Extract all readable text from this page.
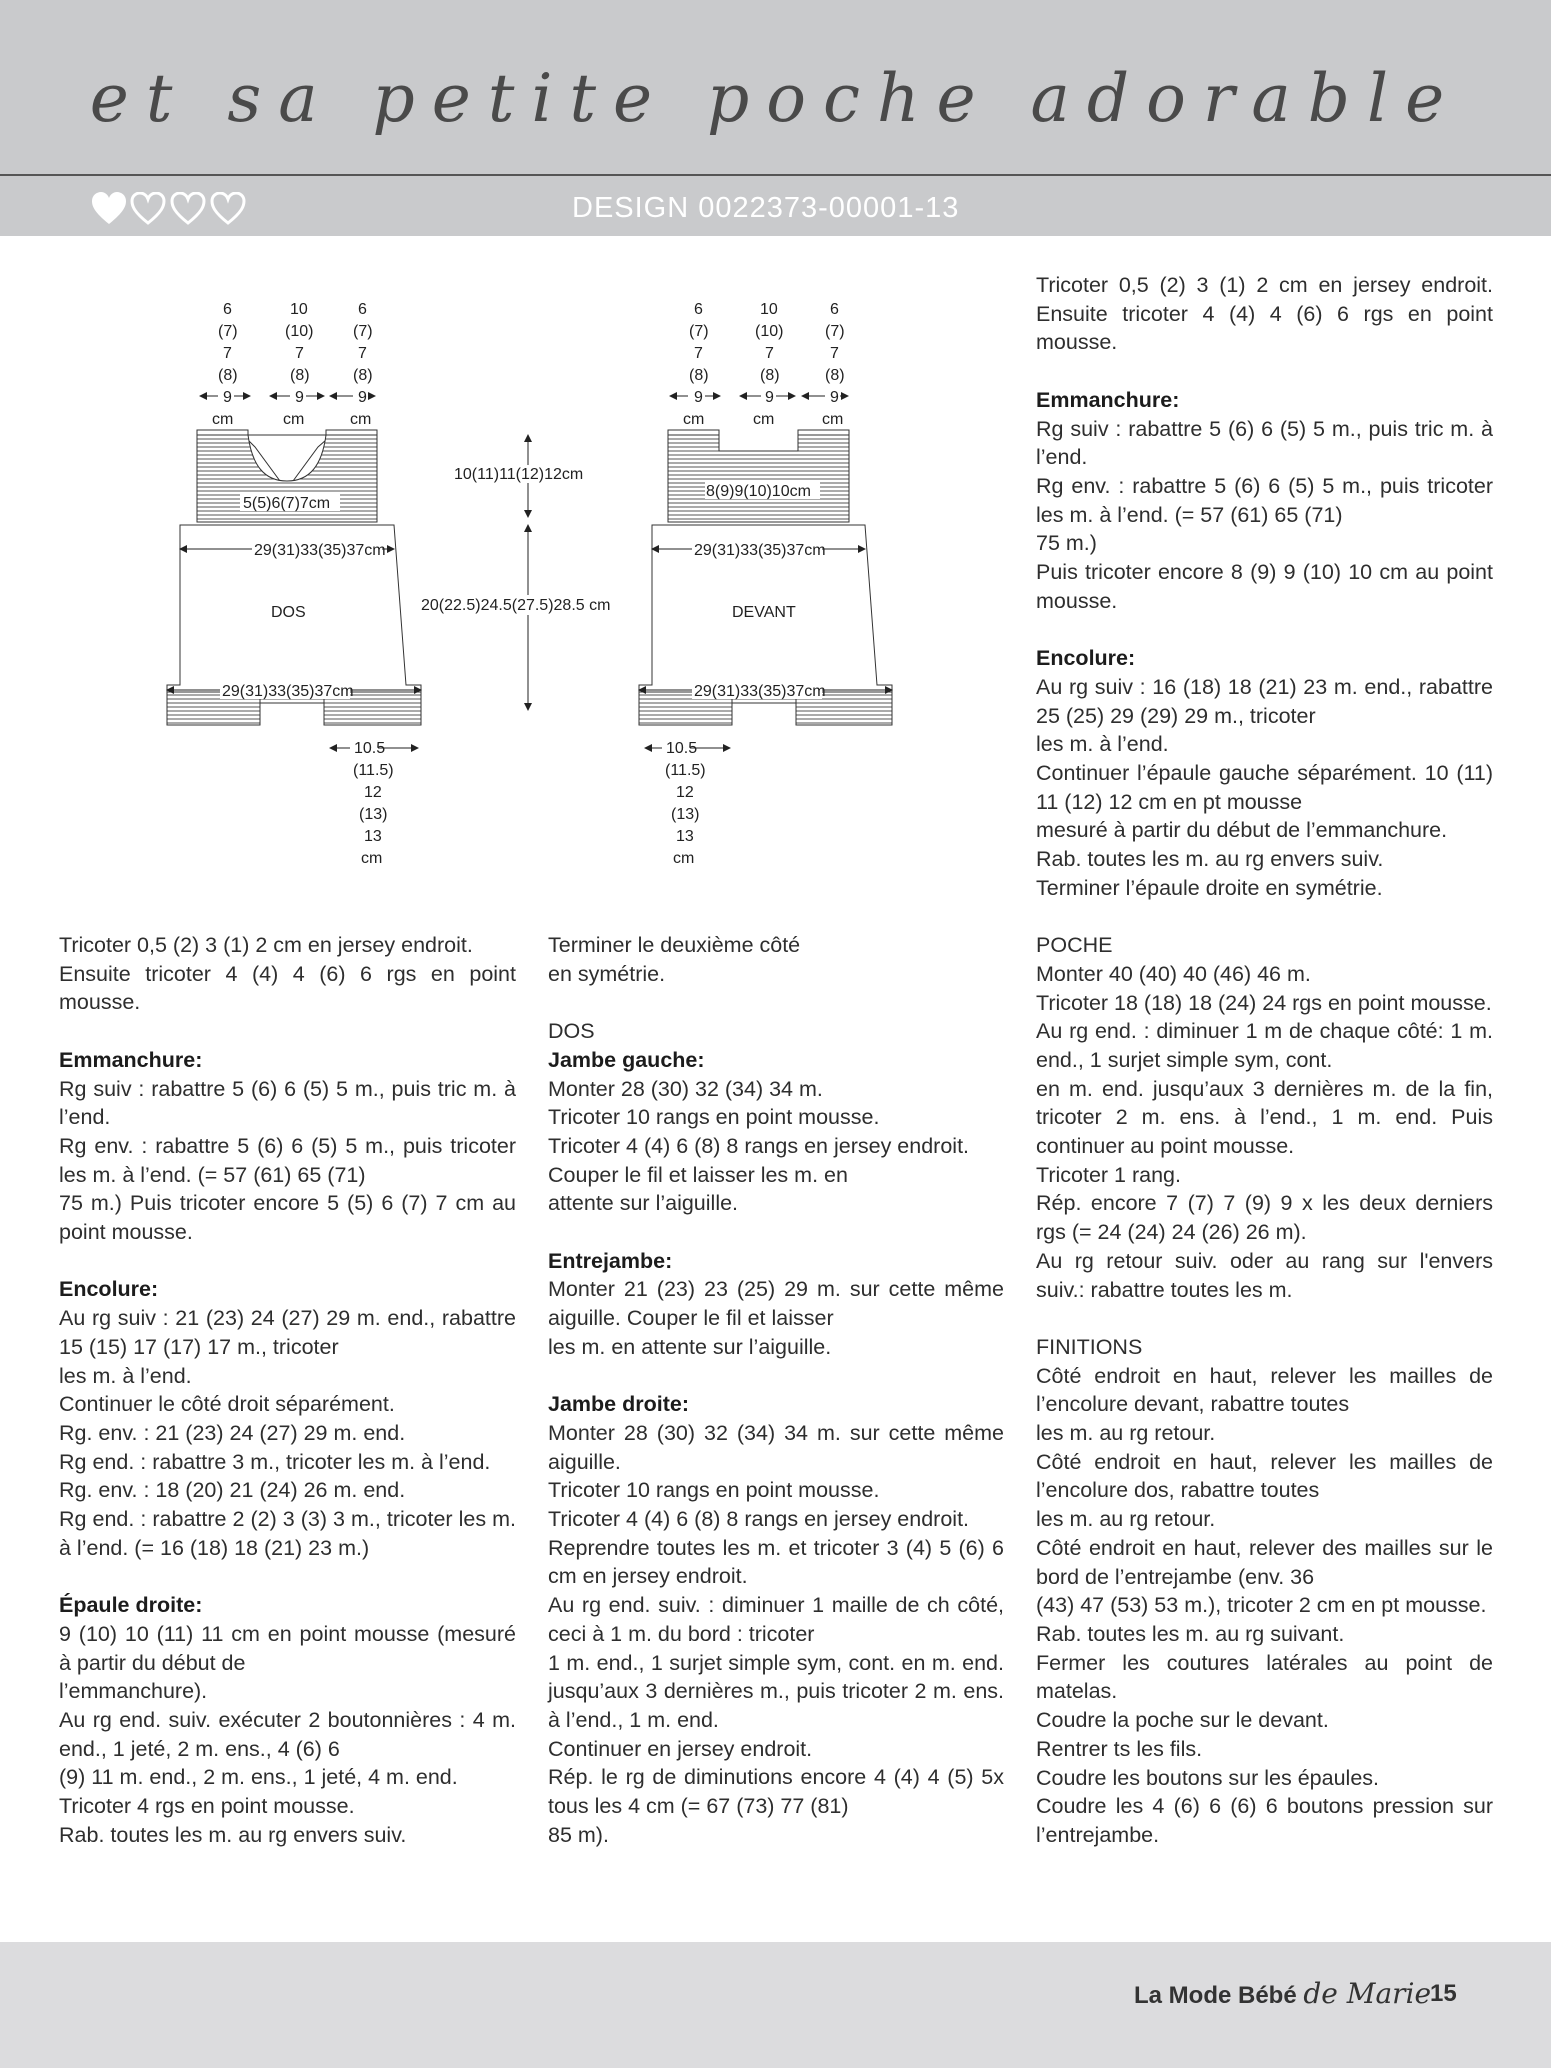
et sa petite poche adorable
DESIGN 0022373-00001-13
DOS
29(31)33(35)37cm
29(31)33(35)37cm
5(5)6(7)7cm
6
(7)
7
(8)
9
cm
10
(10)
7
(8)
9
cm
6
(7)
7
(8)
9
cm
10.5
(11.5)
12
(13)
13
cm
10(11)11(12)12cm
20(22.5)24.5(27.5)28.5 cm	DEVANT
29(31)33(35)37cm
29(31)33(35)37cm
8(9)9(10)10cm
6
(7)
7
(8)
9
cm
10
(10)
7
(8)
9
cm
6
(7)
7
(8)
9
cm
10.5
(11.5)
12
(13)
13
cm

Tricoter 0,5 (2) 3 (1) 2 cm en jersey endroit.

Ensuite tricoter 4 (4) 4 (6) 6 rgs en point mousse.

Emmanchure:

Rg suiv : rabattre 5 (6) 6 (5) 5 m., puis tric m. à l’end.

Rg env. : rabattre 5 (6) 6 (5) 5 m., puis tricoter les m. à l’end. (= 57 (61) 65 (71)

75 m.) Puis tricoter encore 5 (5) 6 (7) 7 cm au point mousse.

Encolure:

Au rg suiv : 21 (23) 24 (27) 29 m. end., rabattre 15 (15) 17 (17) 17 m., tricoter

les m. à l’end.

Continuer le côté droit séparément.

Rg. env. : 21 (23) 24 (27) 29 m. end.

Rg end. : rabattre 3 m., tricoter les m. à l’end.

Rg. env. : 18 (20) 21 (24) 26 m. end.

Rg end. : rabattre 2 (2) 3 (3) 3 m., tricoter les m. à l’end. (= 16 (18) 18 (21) 23 m.)

Épaule droite:

9 (10) 10 (11) 11 cm en point mousse (mesuré à partir du début de

l’emmanchure).

Au rg end. suiv. exécuter 2 boutonnières : 4 m. end., 1 jeté, 2 m. ens., 4 (6) 6

(9) 11 m. end., 2 m. ens., 1 jeté, 4 m. end.

Tricoter 4 rgs en point mousse.

Rab. toutes les m. au rg envers suiv.

Terminer le deuxième côté

en symétrie.

DOS

Jambe gauche:

Monter 28 (30) 32 (34) 34 m.

Tricoter 10 rangs en point mousse.

Tricoter 4 (4) 6 (8) 8 rangs en jersey endroit.

Couper le fil et laisser les m. en

attente sur l’aiguille.

Entrejambe:

Monter 21 (23) 23 (25) 29 m. sur cette même aiguille. Couper le fil et laisser

les m. en attente sur l’aiguille.

Jambe droite:

Monter 28 (30) 32 (34) 34 m. sur cette même aiguille.

Tricoter 10 rangs en point mousse.

Tricoter 4 (4) 6 (8) 8 rangs en jersey endroit.

Reprendre toutes les m. et tricoter 3 (4) 5 (6) 6 cm en jersey endroit.

Au rg end. suiv. : diminuer 1 maille de ch côté, ceci à 1 m. du bord : tricoter

1 m. end., 1 surjet simple sym, cont. en m. end. jusqu’aux 3 dernières m., puis tricoter 2 m. ens. à l’end., 1 m. end.

Continuer en jersey endroit.

Rép. le rg de diminutions encore 4 (4) 4 (5) 5x tous les 4 cm (= 67 (73) 77 (81)

85 m).

Tricoter 0,5 (2) 3 (1) 2 cm en jersey endroit. Ensuite tricoter 4 (4) 4 (6) 6 rgs en point mousse.

Emmanchure:

Rg suiv : rabattre 5 (6) 6 (5) 5 m., puis tric m. à l’end.

Rg env. : rabattre 5 (6) 6 (5) 5 m., puis tricoter les m. à l’end. (= 57 (61) 65 (71)

75 m.)

Puis tricoter encore 8 (9) 9 (10) 10 cm au point mousse.

Encolure:

Au rg suiv : 16 (18) 18 (21) 23 m. end., rabattre 25 (25) 29 (29) 29 m., tricoter

les m. à l’end.

Continuer l’épaule gauche séparément. 10 (11) 11 (12) 12 cm en pt mousse

mesuré à partir du début de l’emmanchure.

Rab. toutes les m. au rg envers suiv.

Terminer l’épaule droite en symétrie.

POCHE

Monter 40 (40) 40 (46) 46 m.

Tricoter 18 (18) 18 (24) 24 rgs en point mousse.

Au rg end. : diminuer 1 m de chaque côté: 1 m. end., 1 surjet simple sym, cont.

en m. end. jusqu’aux 3 dernières m. de la fin, tricoter 2 m. ens. à l’end., 1 m. end. Puis continuer au point mousse.

Tricoter 1 rang.

Rép. encore 7 (7) 7 (9) 9 x les deux derniers rgs (= 24 (24) 24 (26) 26 m).

Au rg retour suiv. oder au rang sur l'envers suiv.: rabattre toutes les m.

FINITIONS

Côté endroit en haut, relever les mailles de l’encolure devant, rabattre toutes

les m. au rg retour.

Côté endroit en haut, relever les mailles de l’encolure dos, rabattre toutes

les m. au rg retour.

Côté endroit en haut, relever des mailles sur le bord de l’entrejambe (env. 36

(43) 47 (53) 53 m.), tricoter 2 cm en pt mousse.

Rab. toutes les m. au rg suivant.

Fermer les coutures latérales au point de matelas.

Coudre la poche sur le devant.

Rentrer ts les fils.

Coudre les boutons sur les épaules.

Coudre les 4 (6) 6 (6) 6 boutons pression sur l’entrejambe.

La Mode Bébé de Marie
15
